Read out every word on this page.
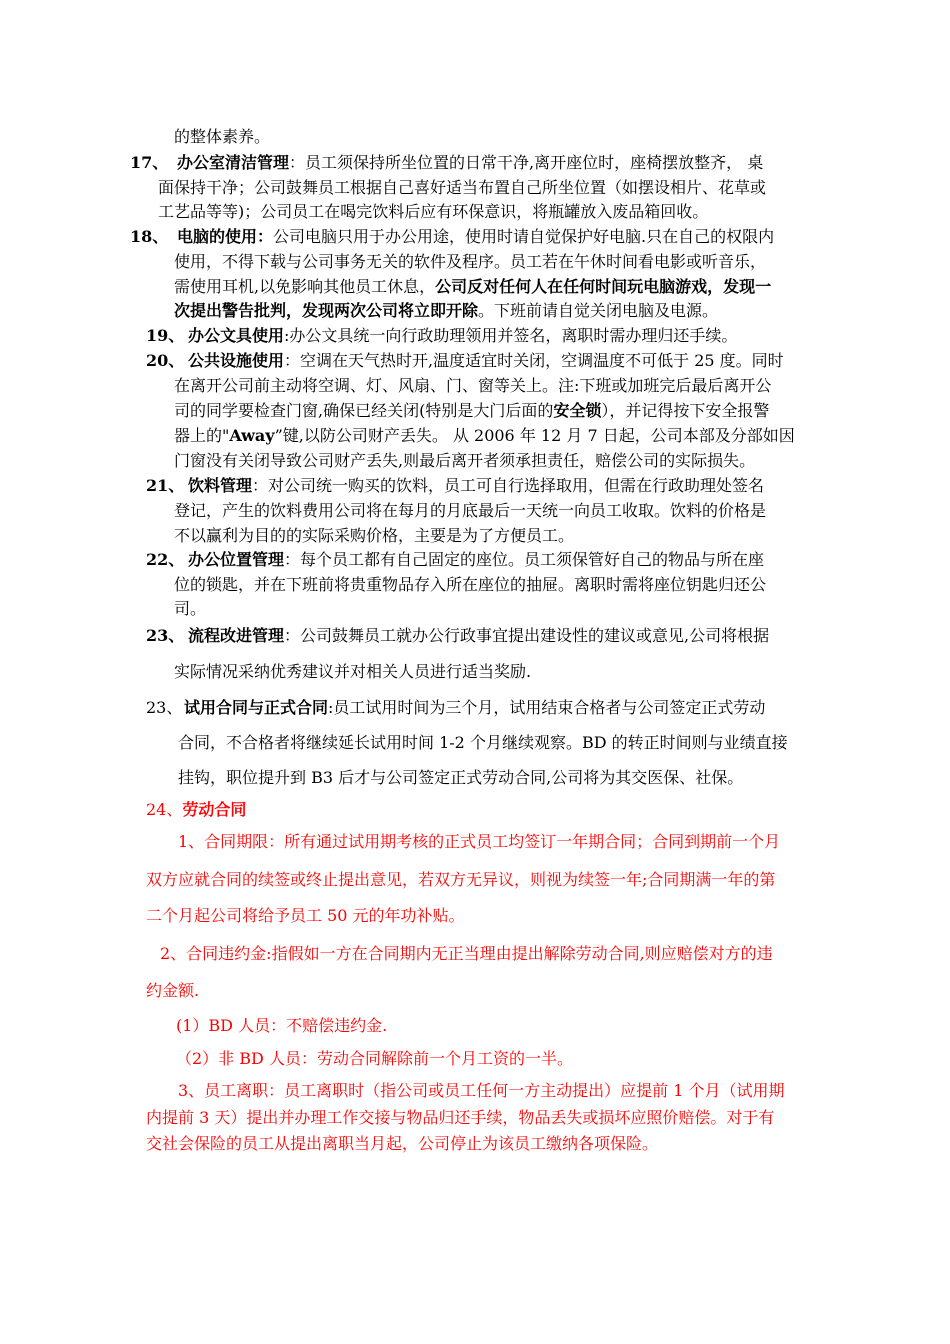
的整体素养。
17、 办公室清洁管理：员工须保持所坐位置的日常干净,离开座位时，座椅摆放整齐， 桌
面保持干净；公司鼓舞员工根据自己喜好适当布置自己所坐位置（如摆设相片、花草或
工艺品等等)；公司员工在喝完饮料后应有环保意识，将瓶罐放入废品箱回收。
18、 电脑的使用：公司电脑只用于办公用途，使用时请自觉保护好电脑.只在自己的权限内
使用，不得下载与公司事务无关的软件及程序。员工若在午休时间看电影或听音乐，
需使用耳机,以免影响其他员工休息，公司反对任何人在任何时间玩电脑游戏，发现一
次提出警告批判，发现两次公司将立即开除。下班前请自觉关闭电脑及电源。
19、 办公文具使用:办公文具统一向行政助理领用并签名，离职时需办理归还手续。
20、 公共设施使用：空调在天气热时开,温度适宜时关闭，空调温度不可低于 25 度。同时
在离开公司前主动将空调、灯、风扇、门、窗等关上。注:下班或加班完后最后离开公
司的同学要检查门窗,确保已经关闭(特别是大门后面的安全锁），并记得按下安全报警
器上的"Away”键,以防公司财产丢失。 从 2006 年 12 月 7 日起，公司本部及分部如因
门窗没有关闭导致公司财产丢失,则最后离开者须承担责任，赔偿公司的实际损失。
21、 饮料管理：对公司统一购买的饮料，员工可自行选择取用，但需在行政助理处签名
登记，产生的饮料费用公司将在每月的月底最后一天统一向员工收取。饮料的价格是
不以赢利为目的的实际采购价格，主要是为了方便员工。
22、 办公位置管理：每个员工都有自己固定的座位。员工须保管好自己的物品与所在座
位的锁匙，并在下班前将贵重物品存入所在座位的抽屉。离职时需将座位钥匙归还公
司。
23、 流程改进管理：公司鼓舞员工就办公行政事宜提出建设性的建议或意见,公司将根据
实际情况采纳优秀建议并对相关人员进行适当奖励.
23、 试用合同与正式合同:员工试用时间为三个月，试用结束合格者与公司签定正式劳动
合同，不合格者将继续延长试用时间 1-2 个月继续观察。BD 的转正时间则与业绩直接
挂钩，职位提升到 B3 后才与公司签定正式劳动合同,公司将为其交医保、社保。
24、劳动合同
1、合同期限：所有通过试用期考核的正式员工均签订一年期合同；合同到期前一个月
双方应就合同的续签或终止提出意见，若双方无异议，则视为续签一年;合同期满一年的第
二个月起公司将给予员工 50 元的年功补贴。
2、合同违约金:指假如一方在合同期内无正当理由提出解除劳动合同,则应赔偿对方的违
约金额.
(1）BD 人员：不赔偿违约金.
（2）非 BD 人员：劳动合同解除前一个月工资的一半。
3、员工离职：员工离职时（指公司或员工任何一方主动提出）应提前 1 个月（试用期
内提前 3 天）提出并办理工作交接与物品归还手续，物品丢失或损坏应照价赔偿。对于有
交社会保险的员工从提出离职当月起，公司停止为该员工缴纳各项保险。
